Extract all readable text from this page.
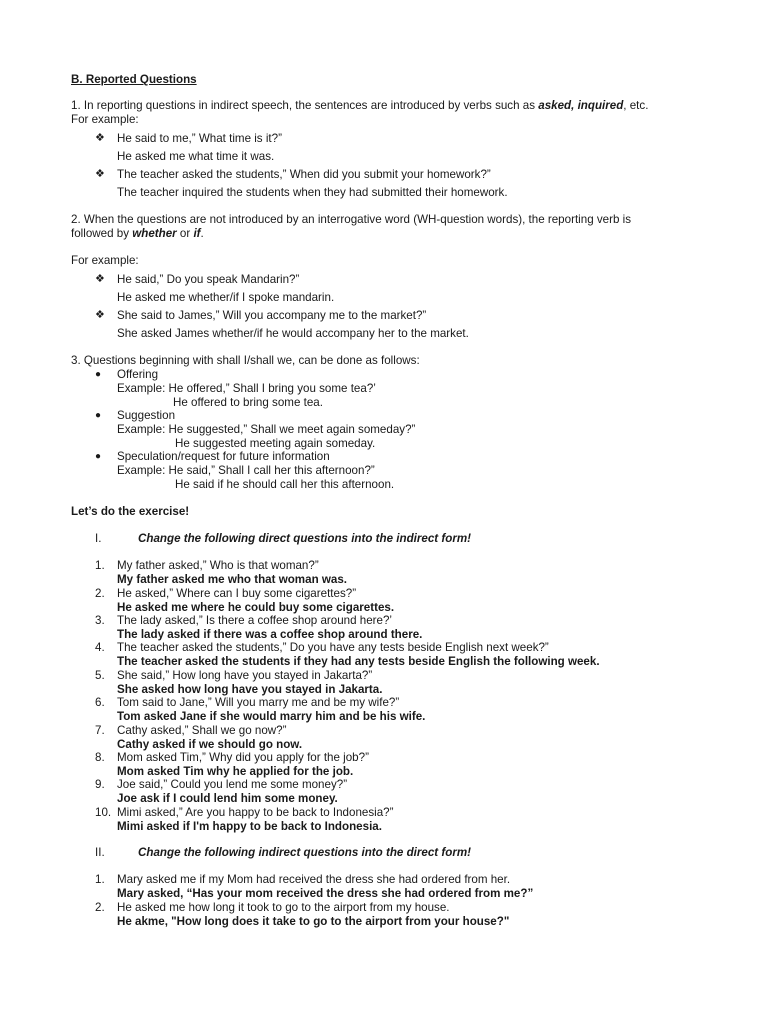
B. Reported Questions
1. In reporting questions in indirect speech, the sentences are introduced by verbs such as asked, inquired, etc.
For example:
❖ He said to me,” What time is it?”
He asked me what time it was.
❖ The teacher asked the students,” When did you submit your homework?”
The teacher inquired the students when they had submitted their homework.
2. When the questions are not introduced by an interrogative word (WH-question words), the reporting verb is
followed by whether or if.
For example:
❖ He said,” Do you speak Mandarin?”
He asked me whether/if I spoke mandarin.
❖ She said to James,” Will you accompany me to the market?”
She asked James whether/if he would accompany her to the market.
3. Questions beginning with shall I/shall we, can be done as follows:
● Offering
Example: He offered,” Shall I bring you some tea?’
He offered to bring some tea.
● Suggestion
Example: He suggested,” Shall we meet again someday?”
He suggested meeting again someday.
● Speculation/request for future information
Example: He said,” Shall I call her this afternoon?”
He said if he should call her this afternoon.
Let’s do the exercise!
I.	Change the following direct questions into the indirect form!
1. My father asked,” Who is that woman?”
My father asked me who that woman was.
2. He asked,” Where can I buy some cigarettes?”
He asked me where he could buy some cigarettes.
3. The lady asked,” Is there a coffee shop around here?’
The lady asked if there was a coffee shop around there.
4. The teacher asked the students,” Do you have any tests beside English next week?”
The teacher asked the students if they had any tests beside English the following week.
5. She said,” How long have you stayed in Jakarta?”
She asked how long have you stayed in Jakarta.
6. Tom said to Jane,” Will you marry me and be my wife?”
Tom asked Jane if she would marry him and be his wife.
7. Cathy asked,” Shall we go now?”
Cathy asked if we should go now.
8. Mom asked Tim,” Why did you apply for the job?”
Mom asked Tim why he applied for the job.
9. Joe said,” Could you lend me some money?”
Joe ask if I could lend him some money.
10. Mimi asked,” Are you happy to be back to Indonesia?”
Mimi asked if I'm happy to be back to Indonesia.
II.	Change the following indirect questions into the direct form!
1. Mary asked me if my Mom had received the dress she had ordered from her.
Mary asked, “Has your mom received the dress she had ordered from me?”
2. He asked me how long it took to go to the airport from my house.
He akme, "How long does it take to go to the airport from your house?"
